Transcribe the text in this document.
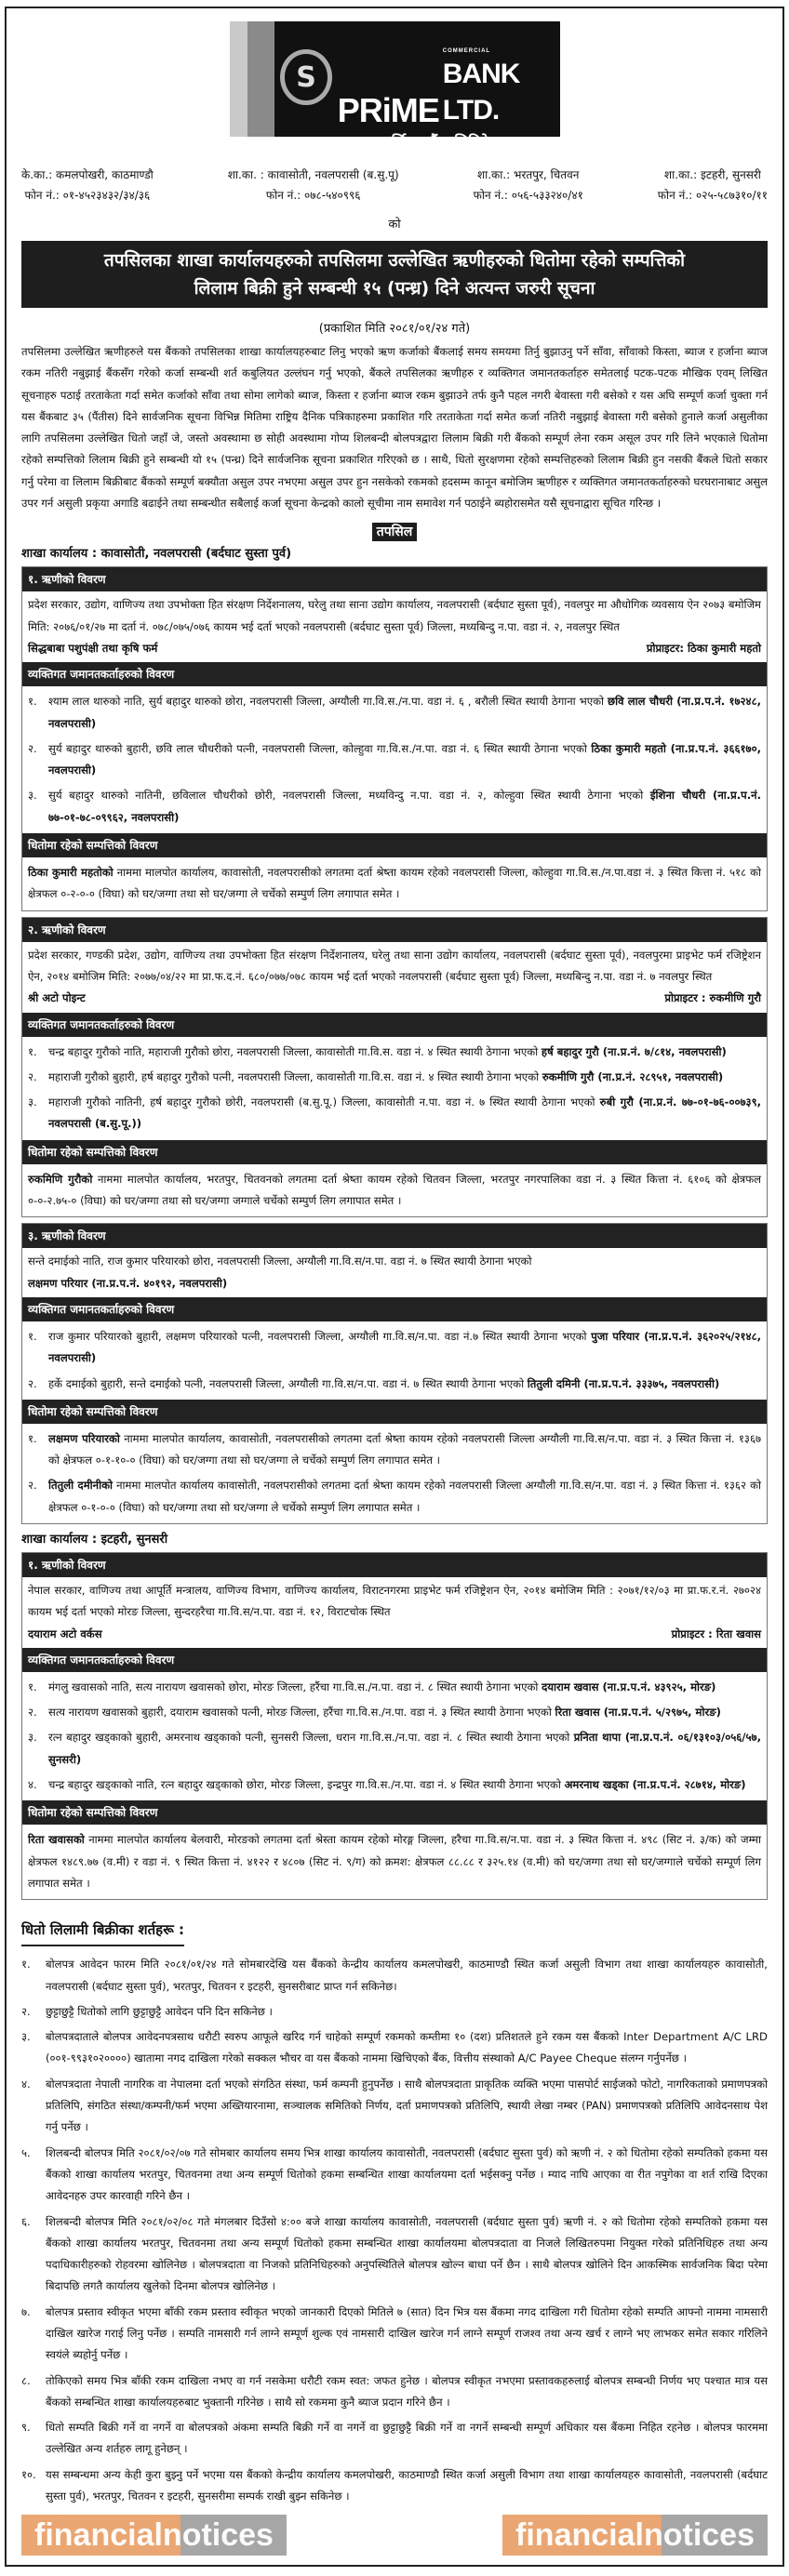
S
PRiME
COMMERCIAL
BANK LTD.
प्राइम कमर्सियल बैंक लिमिटेड
के.का.: कमलपोखरी, काठमाण्डौ
फोन नं.: ०१-४५२३४३२/३४/३६
शा.का. : कावासोती, नवलपरासी (ब.सु.पू)
फोन नं.: ०७८-५४०९९६
शा.का.: भरतपुर, चितवन
फोन नं.: ०५६-५३३२४०/४१
शा.का.: इटहरी, सुनसरी
फोन नं.: ०२५-५८७३१०/११
को
तपसिलका शाखा कार्यालयहरुको तपसिलमा उल्लेखित ऋणीहरुको धितोमा रहेको सम्पत्तिको
लिलाम बिक्री हुने सम्बन्धी १५ (पन्ध्र) दिने अत्यन्त जरुरी सूचना
(प्रकाशित मिति २०८१/०१/२४ गते)
तपसिलमा उल्लेखित ऋणीहरुले यस बैंकको तपसिलका शाखा कार्यालयहरुबाट लिनु भएको ऋण कर्जाको बैंकलाई समय समयमा तिर्नु बुझाउनु पर्ने साँवा, साँवाको किस्ता, ब्याज र हर्जाना ब्याज रकम नतिरी नबुझाई बैंकसँग गरेको कर्जा सम्बन्धी शर्त कबुलियत उल्लंघन गर्नु भएको, बैंकले तपसिलका ऋणीहरु र व्यक्तिगत जमानतकर्ताहरु समेतलाई पटक-पटक मौखिक एवम् लिखित सूचनाहरु पठाई तरताकेता गर्दा समेत कर्जाको साँवा तथा सोमा लागेको ब्याज, किस्ता र हर्जाना ब्याज रकम बुझाउने तर्फ कुनै पहल नगरी बेवास्ता गरी बसेको र यस अघि सम्पूर्ण कर्जा चुक्ता गर्न यस बैंकबाट ३५ (पैंतीस) दिने सार्वजनिक सूचना विभिन्न मितिमा राष्ट्रिय दैनिक पत्रिकाहरुमा प्रकाशित गरि तरताकेता गर्दा समेत कर्जा नतिरी नबुझाई बेवास्ता गरी बसेको हुनाले कर्जा असुलीका लागि तपसिलमा उल्लेखित धितो जहाँ जे, जस्तो अवस्थामा छ सोही अवस्थामा गोप्य शिलबन्दी बोलपत्रद्वारा लिलाम बिक्री गरी बैंकको सम्पूर्ण लेना रकम असूल उपर गरि लिने भएकाले धितोमा रहेको सम्पत्तिको लिलाम बिक्री हुने सम्बन्धी यो १५ (पन्ध्र) दिने सार्वजनिक सूचना प्रकाशित गरिएको छ । साथै, धितो सुरक्षणमा रहेको सम्पत्तिहरुको लिलाम बिक्री हुन नसकी बैंकले धितो सकार गर्नु परेमा वा लिलाम बिक्रीबाट बैंकको सम्पूर्ण बक्यौता असुल उपर नभएमा असुल उपर हुन नसकेको रकमको हदसम्म कानून बमोजिम ऋणीहरु र व्यक्तिगत जमानतकर्ताहरुको घरघरानाबाट असुल उपर गर्न असुली प्रकृया अगाडि बढाईने तथा सम्बन्धीत सबैलाई कर्जा सूचना केन्द्रको कालो सूचीमा नाम समावेश गर्न पठाईने ब्यहोरासमेत यसै सूचनाद्वारा सूचित गरिन्छ ।
तपसिल
शाखा कार्यालय : कावासोती, नवलपरासी (बर्दघाट सुस्ता पुर्व)
१. ऋणीको विवरण
प्रदेश सरकार, उद्योग, वाणिज्य तथा उपभोक्ता हित संरक्षण निर्देशनालय, घरेलु तथा साना उद्योग कार्यालय, नवलपरासी (बर्दघाट सुस्ता पूर्व), नवलपुर मा औधोगिक व्यवसाय ऐन २०७३ बमोजिम मिति: २०७६/०१/२७ मा दर्ता नं. ०७८/०७५/०७६ कायम भई दर्ता भएको नवलपरासी (बर्दघाट सुस्ता पूर्व) जिल्ला, मध्यबिन्दु न.पा. वडा नं. २, नवलपुर स्थित
सिद्धबाबा पशुपंक्षी तथा कृषि फर्म	प्रोप्राइटर: ठिका कुमारी महतो
व्यक्तिगत जमानतकर्ताहरुको विवरण
१.	श्याम लाल थारुको नाति, सुर्य बहादुर थारुको छोरा, नवलपरासी जिल्ला, अग्यौली गा.वि.स./न.पा. वडा नं. ६ , बरौली स्थित स्थायी ठेगाना भएको छवि लाल चौधरी (ना.प्र.प.नं. १७२४८, नवलपरासी)
२.	सुर्य बहादुर थारुको बुहारी, छवि लाल चौधरीको पत्नी, नवलपरासी जिल्ला, कोल्हुवा गा.वि.स./न.पा. वडा नं. ६ स्थित स्थायी ठेगाना भएको ठिका कुमारी महतो (ना.प्र.प.नं. ३६६१७०, नवलपरासी)
३.	सुर्य बहादुर थारुको नातिनी, छविलाल चौधरीको छोरी, नवलपरासी जिल्ला, मध्यविन्दु न.पा. वडा नं. २, कोल्हुवा स्थित स्थायी ठेगाना भएको ईशिना चौधरी (ना.प्र.प.नं. ७७-०१-७८-०९९६२, नवलपरासी)
धितोमा रहेको सम्पत्तिको विवरण
ठिका कुमारी महतोको नाममा मालपोत कार्यालय, कावासोती, नवलपरासीको लगतमा दर्ता श्रेष्ता कायम रहेको नवलपरासी जिल्ला, कोल्हुवा गा.वि.स./न.पा.वडा नं. ३ स्थित कित्ता नं. ५१८ को क्षेत्रफल ०-२-०-० (विघा) को घर/जग्गा तथा सो घर/जग्गा ले चर्चेको सम्पुर्ण लिग लगापात समेत ।
२. ऋणीको विवरण
प्रदेश सरकार, गण्डकी प्रदेश, उद्योग, वाणिज्य तथा उपभोक्ता हित संरक्षण निर्देशनालय, घरेलु तथा साना उद्योग कार्यालय, नवलपरासी (बर्दघाट सुस्ता पूर्व), नवलपुरमा प्राइभेट फर्म रजिष्ट्रेशन ऐन, २०१४ बमोजिम मिति: २०७७/०४/२२ मा प्रा.फ.द.नं. ६८०/०७७/०७८ कायम भई दर्ता भएको नवलपरासी (बर्दघाट सुस्ता पूर्व) जिल्ला, मध्यबिन्दु न.पा. वडा नं. ७ नवलपुर स्थित
श्री अटो पोइन्ट	प्रोप्राइटर : रुकमीणि गुरौ
व्यक्तिगत जमानतकर्ताहरुको विवरण
१.	चन्द्र बहादुर गुरौको नाति, महाराजी गुरौको छोरा, नवलपरासी जिल्ला, कावासोती गा.वि.स. वडा नं. ४ स्थित स्थायी ठेगाना भएको हर्ष बहादुर गुरौ (ना.प्र.नं. ७/८१४, नवलपरासी)
२.	महाराजी गुरौको बुहारी, हर्ष बहादुर गुरौको पत्नी, नवलपरासी जिल्ला, कावासोती गा.वि.स. वडा नं. ४ स्थित स्थायी ठेगाना भएको रुकमीणि गुरौ (ना.प्र.नं. २८९५१, नवलपरासी)
३.	महाराजी गुरौको नातिनी, हर्ष बहादुर गुरौको छोरी, नवलपरासी (ब.सु.पू.) जिल्ला, कावासोती न.पा. वडा नं. ७ स्थित स्थायी ठेगाना भएको रुबी गुरौ (ना.प्र.नं. ७७-०१-७६-००७३९, नवलपरासी (ब.सु.पू.))
धितोमा रहेको सम्पत्तिको विवरण
रुकमिणि गुरौको नाममा मालपोत कार्यालय, भरतपुर, चितवनको लगतमा दर्ता श्रेष्ता कायम रहेको चितवन जिल्ला, भरतपुर नगरपालिका वडा नं. ३ स्थित कित्ता नं. ६१०६ को क्षेत्रफल ०-०-२.७५-० (विघा) को घर/जग्गा तथा सो घर/जग्गा जग्गाले चर्चेको सम्पुर्ण लिग लगापात समेत ।
३. ऋणीको विवरण
सन्ते दमाईको नाति, राज कुमार परियारको छोरा, नवलपरासी जिल्ला, अग्यौली गा.वि.स/न.पा. वडा नं. ७ स्थित स्थायी ठेगाना भएको
लक्षमण परियार (ना.प्र.प.नं. ४०१९२, नवलपरासी)
व्यक्तिगत जमानतकर्ताहरुको विवरण
१.	राज कुमार परियारको बुहारी, लक्षमण परियारको पत्नी, नवलपरासी जिल्ला, अग्यौली गा.वि.स/न.पा. वडा नं.७ स्थित स्थायी ठेगाना भएको पुजा परियार (ना.प्र.प.नं. ३६२०२५/२१४८, नवलपरासी)
२.	हर्के दमाईको बुहारी, सन्ते दमाईको पत्नी, नवलपरासी जिल्ला, अग्यौली गा.वि.स/न.पा. वडा नं. ७ स्थित स्थायी ठेगाना भएको तितुली दमिनी (ना.प्र.प.नं. ३३३७५, नवलपरासी)
धितोमा रहेको सम्पत्तिको विवरण
१.	लक्षमण परियारको नाममा मालपोत कार्यालय, कावासोती, नवलपरासीको लगतमा दर्ता श्रेष्ता कायम रहेको नवलपरासी जिल्ला अग्यौली गा.वि.स/न.पा. वडा नं. ३ स्थित कित्ता नं. १३६७ को क्षेत्रफल ०-१-१०-० (विघा) को घर/जग्गा तथा सो घर/जग्गा ले चर्चेको सम्पुर्ण लिग लगापात समेत ।
२.	तितुली दमीनीको नाममा मालपोत कार्यालय कावासोती, नवलपरासीको लगतमा दर्ता श्रेष्ता कायम रहेको नवलपरासी जिल्ला अग्यौली गा.वि.स/न.पा. वडा नं. ३ स्थित कित्ता नं. १३६२ को क्षेत्रफल ०-१-०-० (विघा) को घर/जग्गा तथा सो घर/जग्गा ले चर्चेको सम्पुर्ण लिग लगापात समेत ।
शाखा कार्यालय : इटहरी, सुनसरी
१. ऋणीको विवरण
नेपाल सरकार, वाणिज्य तथा आपूर्ति मन्त्रालय, वाणिज्य विभाग, वाणिज्य कार्यालय, विराटनगरमा प्राइभेट फर्म रजिष्ट्रेशन ऐन, २०१४ बमोजिम मिति : २०७१/१२/०३ मा प्रा.फ.र.नं. २७०२४ कायम भई दर्ता भएको मोरङ जिल्ला, सुन्दरहरैचा गा.वि.स/न.पा. वडा नं. १२, विराटचोक स्थित
दयाराम अटो वर्कस	प्रोप्राइटर : रिता खवास
व्यक्तिगत जमानतकर्ताहरुको विवरण
१.	मंगलु खवासको नाति, सत्य नारायण खवासको छोरा, मोरङ जिल्ला, हरैंचा गा.वि.स./न.पा. वडा नं. ८ स्थित स्थायी ठेगाना भएको दयाराम खवास (ना.प्र.प.नं. ४३९२५, मोरङ)
२.	सत्य नारायण खवासको बुहारी, दयाराम खवासको पत्नी, मोरङ जिल्ला, हरैंचा गा.वि.स./न.पा. वडा नं. ३ स्थित स्थायी ठेगाना भएको रिता खवास (ना.प्र.प.नं. ५/२९७५, मोरङ)
३.	रत्न बहादुर खड्काको बुहारी, अमरनाथ खड्काको पत्नी, सुनसरी जिल्ला, धरान गा.वि.स./न.पा. वडा नं. ८ स्थित स्थायी ठेगाना भएको प्रनिता थापा (ना.प्र.प.नं. ०६/१३१०३/०५६/५७, सुनसरी)
४.	चन्द्र बहादुर खड्काको नाति, रत्न बहादुर खड्काको छोरा, मोरङ जिल्ला, इन्द्रपुर गा.वि.स./न.पा. वडा नं. ४ स्थित स्थायी ठेगाना भएको अमरनाथ खड्का (ना.प्र.प.नं. २८७१४, मोरङ)
धितोमा रहेको सम्पत्तिको विवरण
रिता खवासको नाममा मालपोत कार्यालय बेलवारी, मोरङको लगतमा दर्ता श्रेस्ता कायम रहेको मोरङ्ग जिल्ला, हरैचा गा.वि.स/न.पा. वडा नं. ३ स्थित कित्ता नं. ४९८ (सिट नं. ३/क) को जम्मा क्षेत्रफल १४८९.७७ (व.मी) र वडा नं. ९ स्थित कित्ता नं. ४१२२ र ४८०७ (सिट नं. ९/ग) को क्रमश: क्षेत्रफल ८८.८८ र ३२५.१४ (व.मी) को घर/जग्गा तथा सो घर/जग्गाले चर्चेको सम्पूर्ण लिग लगापात समेत ।
धितो लिलामी बिक्रीका शर्तहरू :
१.	बोलपत्र आवेदन फारम मिति २०८१/०१/२४ गते सोमबारदेखि यस बैंकको केन्द्रीय कार्यालय कमलपोखरी, काठमाण्डौ स्थित कर्जा असुली विभाग तथा शाखा कार्यालयहरु कावासोती, नवलपरासी (बर्दघाट सुस्ता पुर्व), भरतपुर, चितवन र इटहरी, सुनसरीबाट प्राप्त गर्न सकिनेछ।
२.	छुट्टाछुट्टै धितोको लागि छुट्टाछुट्टै आवेदन पनि दिन सकिनेछ ।
३.	बोलपत्रदाताले बोलपत्र आवेदनपत्रसाथ धरौटी स्वरुप आफूले खरिद गर्न चाहेको सम्पूर्ण रकमको कम्तीमा १० (दश) प्रतिशतले हुने रकम यस बैंकको Inter Department A/C LRD (००१-९९३१०२००००) खातामा नगद दाखिला गरेको सक्कल भौचर वा यस बैंकको नाममा खिचिएको बैंक, वित्तीय संस्थाको A/C Payee Cheque संलग्न गर्नुपर्नेछ ।
४.	बोलपत्रदाता नेपाली नागरिक वा नेपालमा दर्ता भएको संगठित संस्था, फर्म कम्पनी हुनुपर्नेछ । साथै बोलपत्रदाता प्राकृतिक व्यक्ति भएमा पासपोर्ट साईजको फोटो, नागरिकताको प्रमाणपत्रको प्रतिलिपि, संगठित संस्था/कम्पनी/फर्म भएमा अख्तियारनामा, सञ्चालक समितिको निर्णय, दर्ता प्रमाणपत्रको प्रतिलिपि, स्थायी लेखा नम्बर (PAN) प्रमाणपत्रको प्रतिलिपि आवेदनसाथ पेश गर्नु पर्नेछ ।
५.	शिलबन्दी बोलपत्र मिति २०८१/०२/०७ गते सोमबार कार्यालय समय भित्र शाखा कार्यालय कावासोती, नवलपरासी (बर्दघाट सुस्ता पुर्व) को ऋणी नं. २ को धितोमा रहेको सम्पतिको हकमा यस बैंकको शाखा कार्यालय भरतपुर, चितवनमा तथा अन्य सम्पूर्ण धितोको हकमा सम्बन्धित शाखा कार्यालयमा दर्ता भईसक्नु पर्नेछ । म्याद नाघि आएका वा रीत नपुगेका वा शर्त राखि दिएका आवेदनहरु उपर कारवाही गरिने छैन ।
६.	शिलबन्दी बोलपत्र मिति २०८१/०२/०८ गते मंगलबार दिउँसो ४:०० बजे शाखा कार्यालय कावासोती, नवलपरासी (बर्दघाट सुस्ता पुर्व) ऋणी नं. २ को धितोमा रहेको सम्पतिको हकमा यस बैंकको शाखा कार्यालय भरतपुर, चितवनमा तथा अन्य सम्पूर्ण धितोको हकमा सम्बन्धित शाखा कार्यालयमा बोलपत्रदाता वा निजले लिखितरुपमा नियुक्त गरेको प्रतिनिधिहरु तथा अन्य पदाधिकारीहरुको रोहवरमा खोलिनेछ । बोलपत्रदाता वा निजको प्रतिनिधिहरुको अनुपस्थितिले बोलपत्र खोल्न बाधा पर्ने छैन । साथै बोलपत्र खोलिने दिन आकस्मिक सार्वजनिक बिदा परेमा बिदापछि लगतै कार्यालय खुलेको दिनमा बोलपत्र खोलिनेछ ।
७.	बोलपत्र प्रस्ताव स्वीकृत भएमा बाँकी रकम प्रस्ताव स्वीकृत भएको जानकारी दिएको मितिले ७ (सात) दिन भित्र यस बैंकमा नगद दाखिला गरी धितोमा रहेको सम्पति आफ्नो नाममा नामसारी दाखिल खारेज गराई लिनु पर्नेछ । सम्पति नामसारी गर्न लाग्ने सम्पूर्ण शुल्क एवं नामसारी दाखिल खारेज गर्न लाग्ने सम्पूर्ण राजश्व तथा अन्य खर्च र लाग्ने भए लाभकर समेत सकार गरिलिने स्वयंले ब्यहोर्नु पर्नेछ ।
८.	तोकिएको समय भित्र बाँकी रकम दाखिला नभए वा गर्न नसकेमा धरौटी रकम स्वत: जफत हुनेछ । बोलपत्र स्वीकृत नभएमा प्रस्तावकहरुलाई बोलपत्र सम्बन्धी निर्णय भए पश्चात मात्र यस बैंकको सम्बन्धित शाखा कार्यालयहरुबाट भुक्तानी गरिनेछ । साथै सो रकममा कुनै ब्याज प्रदान गरिने छैन ।
९.	धितो सम्पति बिक्री गर्ने वा नगर्ने वा बोलपत्रको अंकमा सम्पति बिक्री गर्ने वा नगर्ने वा छुट्टाछुट्टै बिक्री गर्ने वा नगर्ने सम्बन्धी सम्पूर्ण अधिकार यस बैंकमा निहित रहनेछ । बोलपत्र फारममा उल्लेखित अन्य शर्तहरु लागू हुनेछन् ।
१०. यस सम्बन्धमा अन्य केही कुरा बुझ्नु पर्ने भएमा यस बैंकको केन्द्रीय कार्यालय कमलपोखरी, काठमाण्डौ स्थित कर्जा असुली विभाग तथा शाखा कार्यालयहरु कावासोती, नवलपरासी (बर्दघाट सुस्ता पुर्व), भरतपुर, चितवन र इटहरी, सुनसरीमा सम्पर्क राखी बुझ्न सकिनेछ ।
financialnotices	financialnotices
